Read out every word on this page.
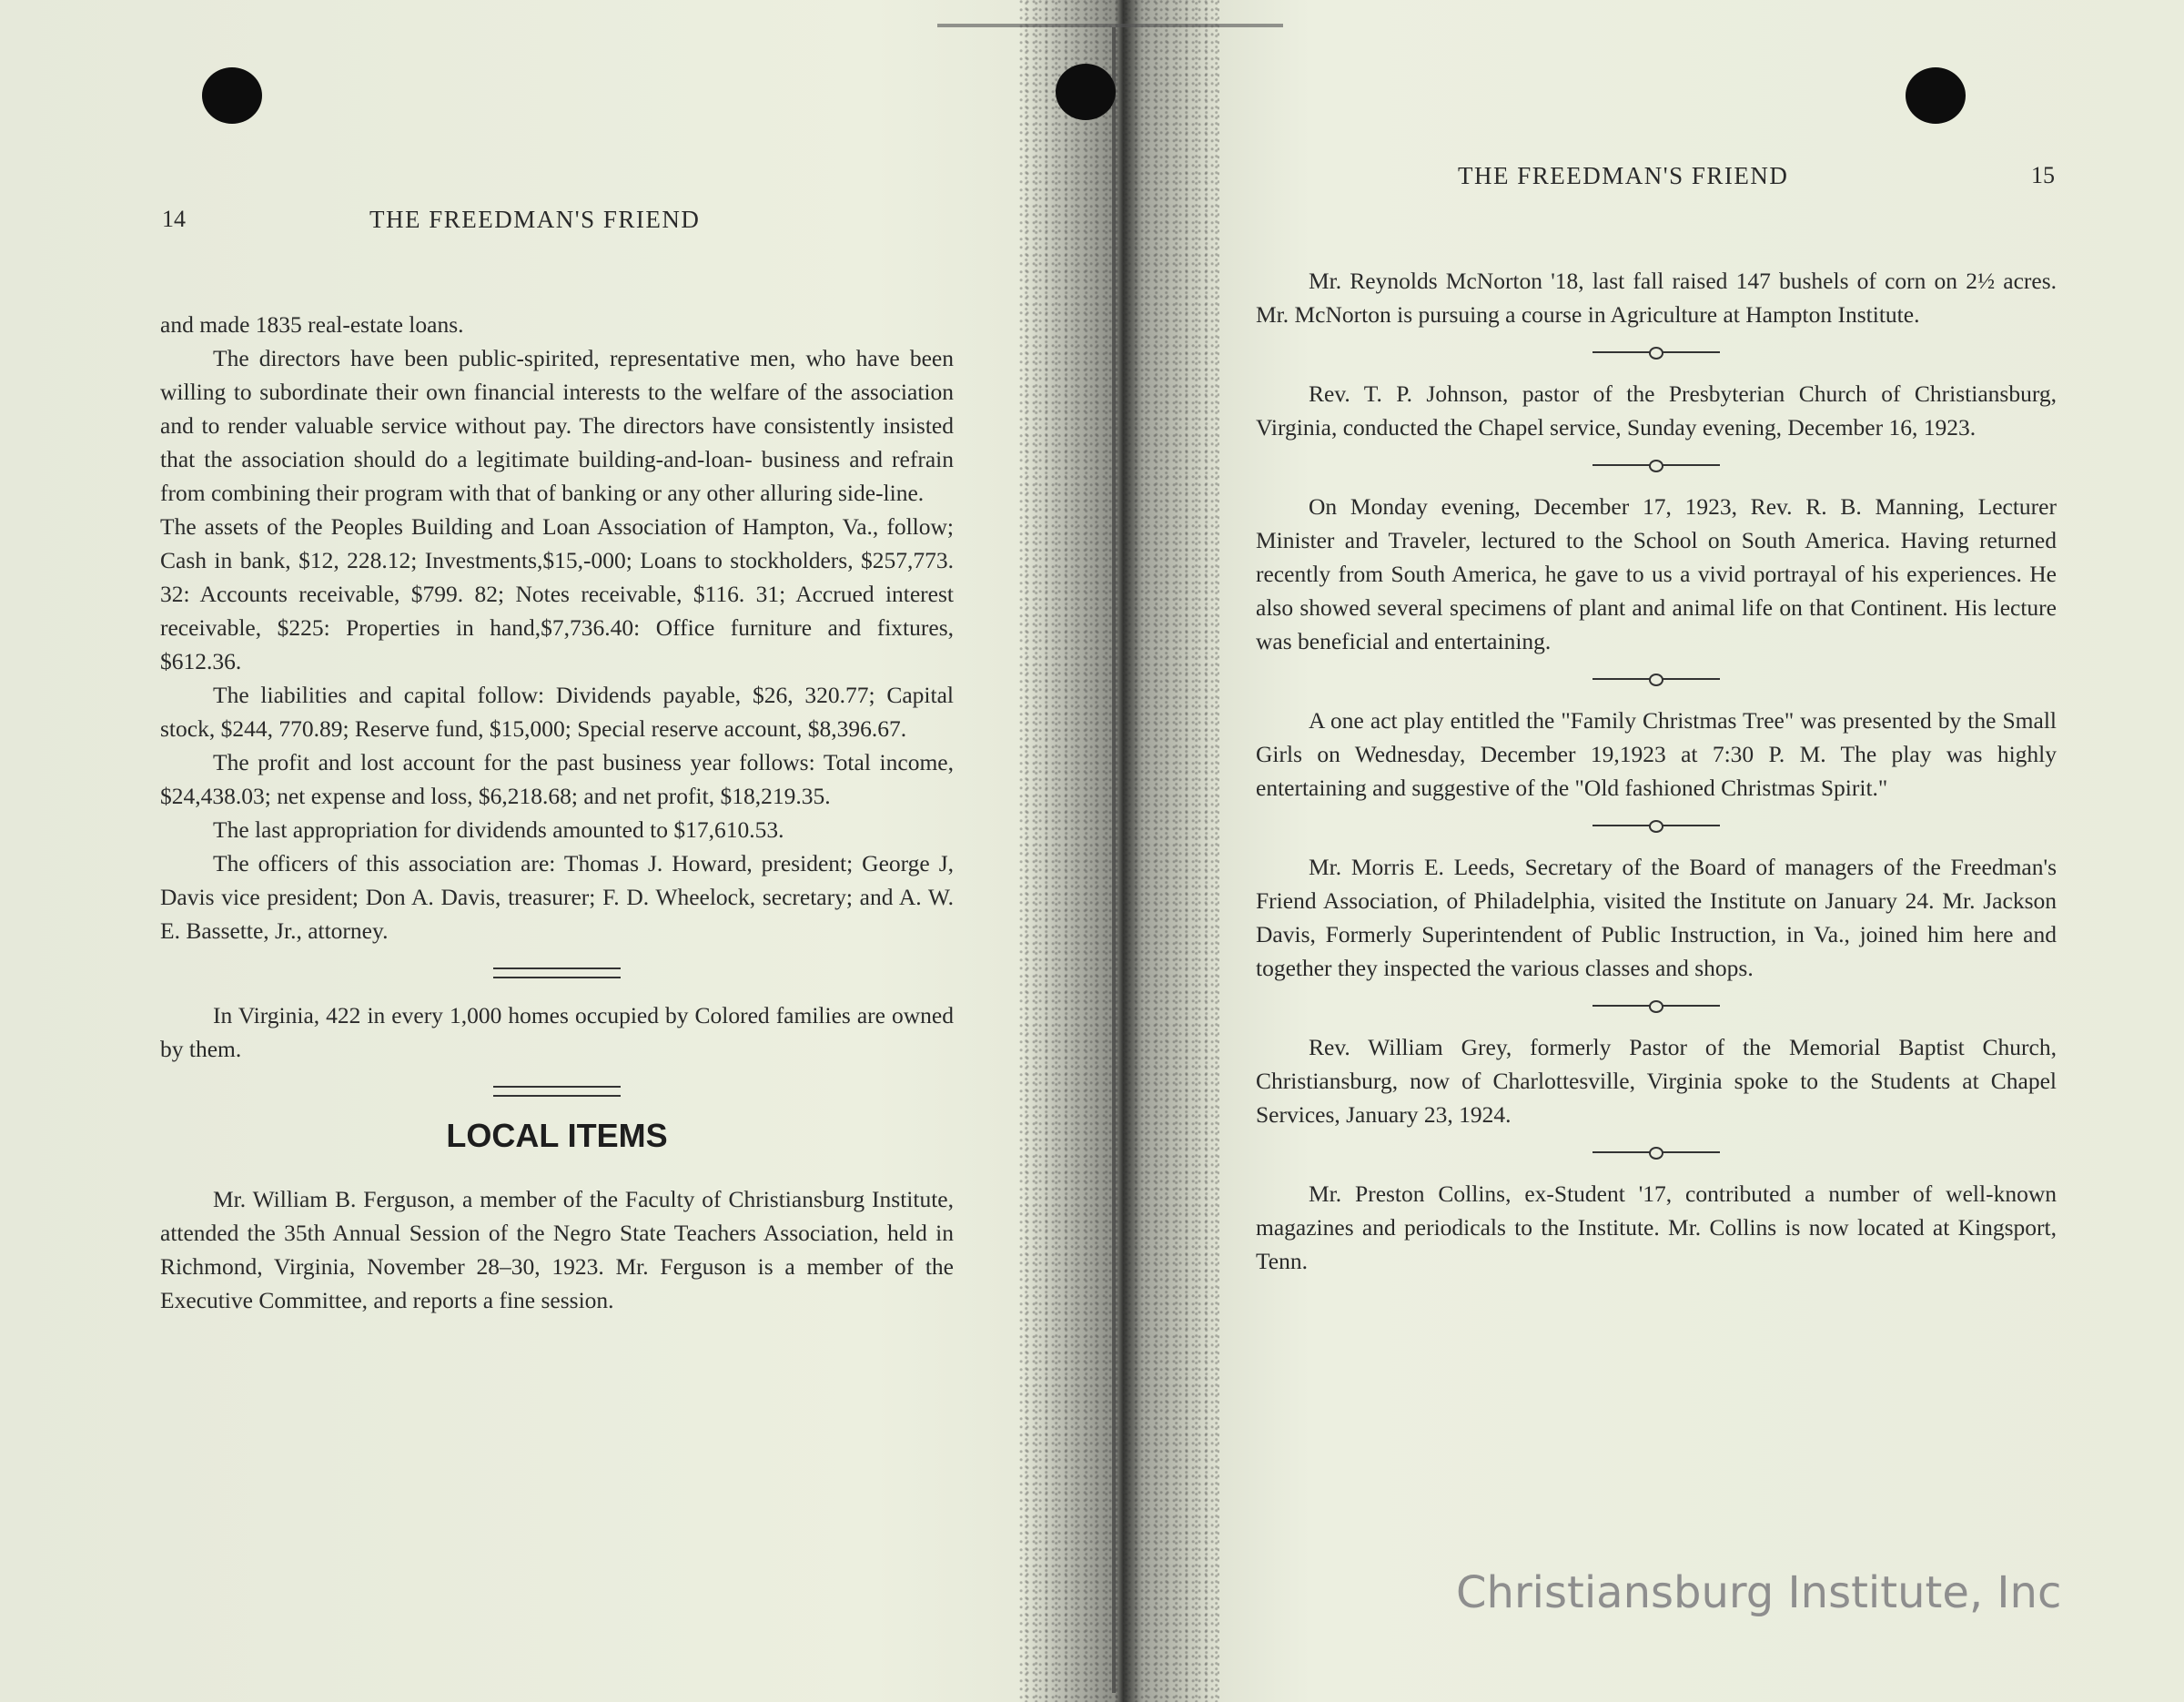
14	THE FREEDMAN'S FRIEND

and made 1835 real-estate loans.

The directors have been public-spirited, representative men, who have been willing to subordinate their own financial interests to the welfare of the association and to render valuable service without pay. The directors have consistently insisted that the association should do a legitimate building-and-loan- business and refrain from combining their program with that of banking or any other alluring side-line.

The assets of the Peoples Building and Loan Association of Hampton, Va., follow; Cash in bank, $12, 228.12; Investments,$15,-000; Loans to stockholders, $257,773. 32: Accounts receivable, $799. 82; Notes receivable, $116. 31; Accrued interest receivable, $225: Properties in hand,$7,736.40: Office furniture and fixtures, $612.36.

The liabilities and capital follow: Dividends payable, $26, 320.77; Capital stock, $244, 770.89; Reserve fund, $15,000; Special reserve account, $8,396.67.

The profit and lost account for the past business year follows: Total income, $24,438.03; net expense and loss, $6,218.68; and net profit, $18,219.35.

The last appropriation for dividends amounted to $17,610.53.

The officers of this association are: Thomas J. Howard, president; George J, Davis vice president; Don A. Davis, treasurer; F. D. Wheelock, secretary; and A. W. E. Bassette, Jr., attorney.

In Virginia, 422 in every 1,000 homes occupied by Colored families are owned by them.

LOCAL ITEMS

Mr. William B. Ferguson, a member of the Faculty of Christiansburg Institute, attended the 35th Annual Session of the Negro State Teachers Association, held in Richmond, Virginia, November 28–30, 1923. Mr. Ferguson is a member of the Executive Committee, and reports a fine session.

THE FREEDMAN'S FRIEND	15

Mr. Reynolds McNorton '18, last fall raised 147 bushels of corn on 2½ acres. Mr. McNorton is pursuing a course in Agriculture at Hampton Institute.

Rev. T. P. Johnson, pastor of the Presbyterian Church of Christiansburg, Virginia, conducted the Chapel service, Sunday evening, December 16, 1923.

On Monday evening, December 17, 1923, Rev. R. B. Manning, Lecturer Minister and Traveler, lectured to the School on South America. Having returned recently from South America, he gave to us a vivid portrayal of his experiences. He also showed several specimens of plant and animal life on that Continent. His lecture was beneficial and entertaining.

A one act play entitled the "Family Christmas Tree" was presented by the Small Girls on Wednesday, December 19,1923 at 7:30 P. M. The play was highly entertaining and suggestive of the "Old fashioned Christmas Spirit."

Mr. Morris E. Leeds, Secretary of the Board of managers of the Freedman's Friend Association, of Philadelphia, visited the Institute on January 24. Mr. Jackson Davis, Formerly Superintendent of Public Instruction, in Va., joined him here and together they inspected the various classes and shops.

Rev. William Grey, formerly Pastor of the Memorial Baptist Church, Christiansburg, now of Charlottesville, Virginia spoke to the Students at Chapel Services, January 23, 1924.

Mr. Preston Collins, ex-Student '17, contributed a number of well-known magazines and periodicals to the Institute. Mr. Collins is now located at Kingsport, Tenn.

Christiansburg Institute, Inc
